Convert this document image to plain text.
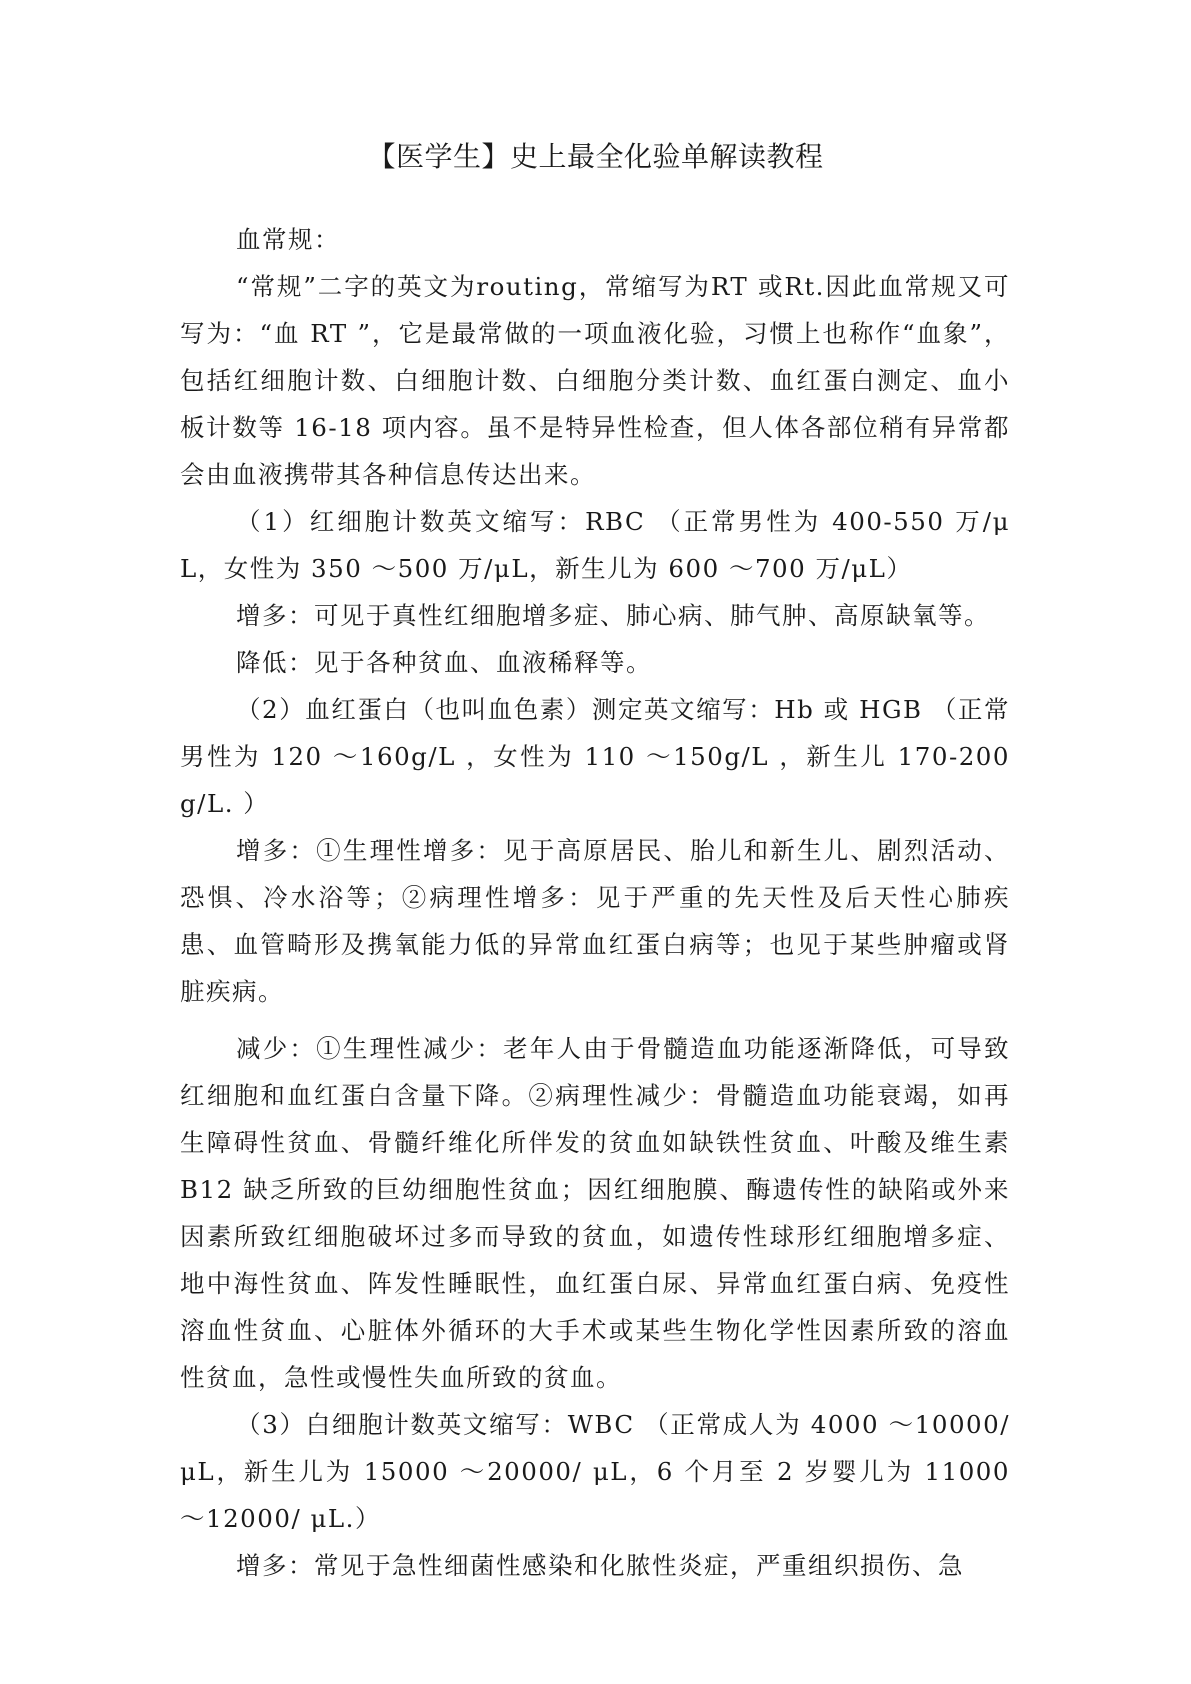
【医学生】史上最全化验单解读教程

血常规：

“常规”二字的英文为routing，常缩写为RT 或Rt.因此血常规又可写为：“血 RT ”，它是最常做的一项血液化验，习惯上也称作“血象”，包括红细胞计数、白细胞计数、白细胞分类计数、血红蛋白测定、血小板计数等 16-18 项内容。虽不是特异性检查，但人体各部位稍有异常都会由血液携带其各种信息传达出来。

（1）红细胞计数英文缩写：RBC （正常男性为 400-550 万/μL，女性为 350 ～500 万/μL，新生儿为 600 ～700 万/μL）

增多：可见于真性红细胞增多症、肺心病、肺气肿、高原缺氧等。

降低：见于各种贫血、血液稀释等。

（2）血红蛋白（也叫血色素）测定英文缩写：Hb 或 HGB （正常男性为 120 ～160g/L ，女性为 110 ～150g/L ，新生儿 170-200g/L. ）

增多：①生理性增多：见于高原居民、胎儿和新生儿、剧烈活动、恐惧、冷水浴等；②病理性增多：见于严重的先天性及后天性心肺疾患、血管畸形及携氧能力低的异常血红蛋白病等；也见于某些肿瘤或肾脏疾病。

减少：①生理性减少：老年人由于骨髓造血功能逐渐降低，可导致红细胞和血红蛋白含量下降。②病理性减少：骨髓造血功能衰竭，如再生障碍性贫血、骨髓纤维化所伴发的贫血如缺铁性贫血、叶酸及维生素 B12 缺乏所致的巨幼细胞性贫血；因红细胞膜、酶遗传性的缺陷或外来因素所致红细胞破坏过多而导致的贫血，如遗传性球形红细胞增多症、地中海性贫血、阵发性睡眠性，血红蛋白尿、异常血红蛋白病、免疫性溶血性贫血、心脏体外循环的大手术或某些生物化学性因素所致的溶血性贫血，急性或慢性失血所致的贫血。

（3）白细胞计数英文缩写：WBC （正常成人为 4000 ～10000/ μL，新生儿为 15000 ～20000/ μL，6 个月至 2 岁婴儿为 11000 ～12000/ μL.）

增多：常见于急性细菌性感染和化脓性炎症，严重组织损伤、急
